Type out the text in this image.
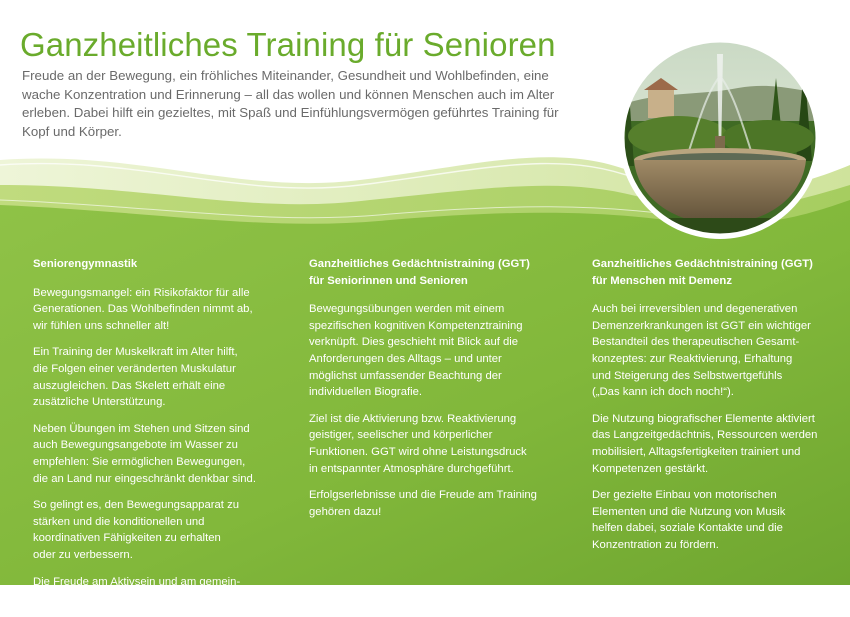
Ganzheitliches Training für Senioren

Freude an der Bewegung, ein fröhliches Miteinander, Gesundheit und Wohlbefinden, eine wache Konzentration und Erinnerung – all das wollen und können Menschen auch im Alter erleben. Dabei hilft ein gezieltes, mit Spaß und Einfühlungsvermögen geführtes Training für Kopf und Körper.

Seniorengymnastik

Bewegungsmangel: ein Risikofaktor für alle
Generationen. Das Wohlbefinden nimmt ab,
wir fühlen uns schneller alt!

Ein Training der Muskelkraft im Alter hilft,
die Folgen einer veränderten Muskulatur
auszugleichen. Das Skelett erhält eine
zusätzliche Unterstützung.

Neben Übungen im Stehen und Sitzen sind
auch Bewegungsangebote im Wasser zu
empfehlen: Sie ermöglichen Bewegungen,
die an Land nur eingeschränkt denkbar sind.

So gelingt es, den Bewegungsapparat zu
stärken und die konditionellen und
koordinativen Fähigkeiten zu erhalten
oder zu verbessern.

Die Freude am Aktivsein und am gemein-
samen Tun stehen dabei im Mittelpunkt!

Ganzheitliches Gedächtnistraining (GGT)
für Seniorinnen und Senioren

Bewegungsübungen werden mit einem
spezifischen kognitiven Kompetenztraining
verknüpft. Dies geschieht mit Blick auf die
Anforderungen des Alltags – und unter
möglichst umfassender Beachtung der
individuellen Biografie.

Ziel ist die Aktivierung bzw. Reaktivierung
geistiger, seelischer und körperlicher
Funktionen. GGT wird ohne Leistungsdruck
in entspannter Atmosphäre durchgeführt.

Erfolgserlebnisse und die Freude am Training
gehören dazu!

Ganzheitliches Gedächtnistraining (GGT)
für Menschen mit Demenz

Auch bei irreversiblen und degenerativen
Demenzerkrankungen ist GGT ein wichtiger
Bestandteil des therapeutischen Gesamt-
konzeptes: zur Reaktivierung, Erhaltung
und Steigerung des Selbstwertgefühls
(„Das kann ich doch noch!“).

Die Nutzung biografischer Elemente aktiviert
das Langzeitgedächtnis, Ressourcen werden
mobilisiert, Alltagsfertigkeiten trainiert und
Kompetenzen gestärkt.

Der gezielte Einbau von motorischen
Elementen und die Nutzung von Musik
helfen dabei, soziale Kontakte und die
Konzentration zu fördern.
